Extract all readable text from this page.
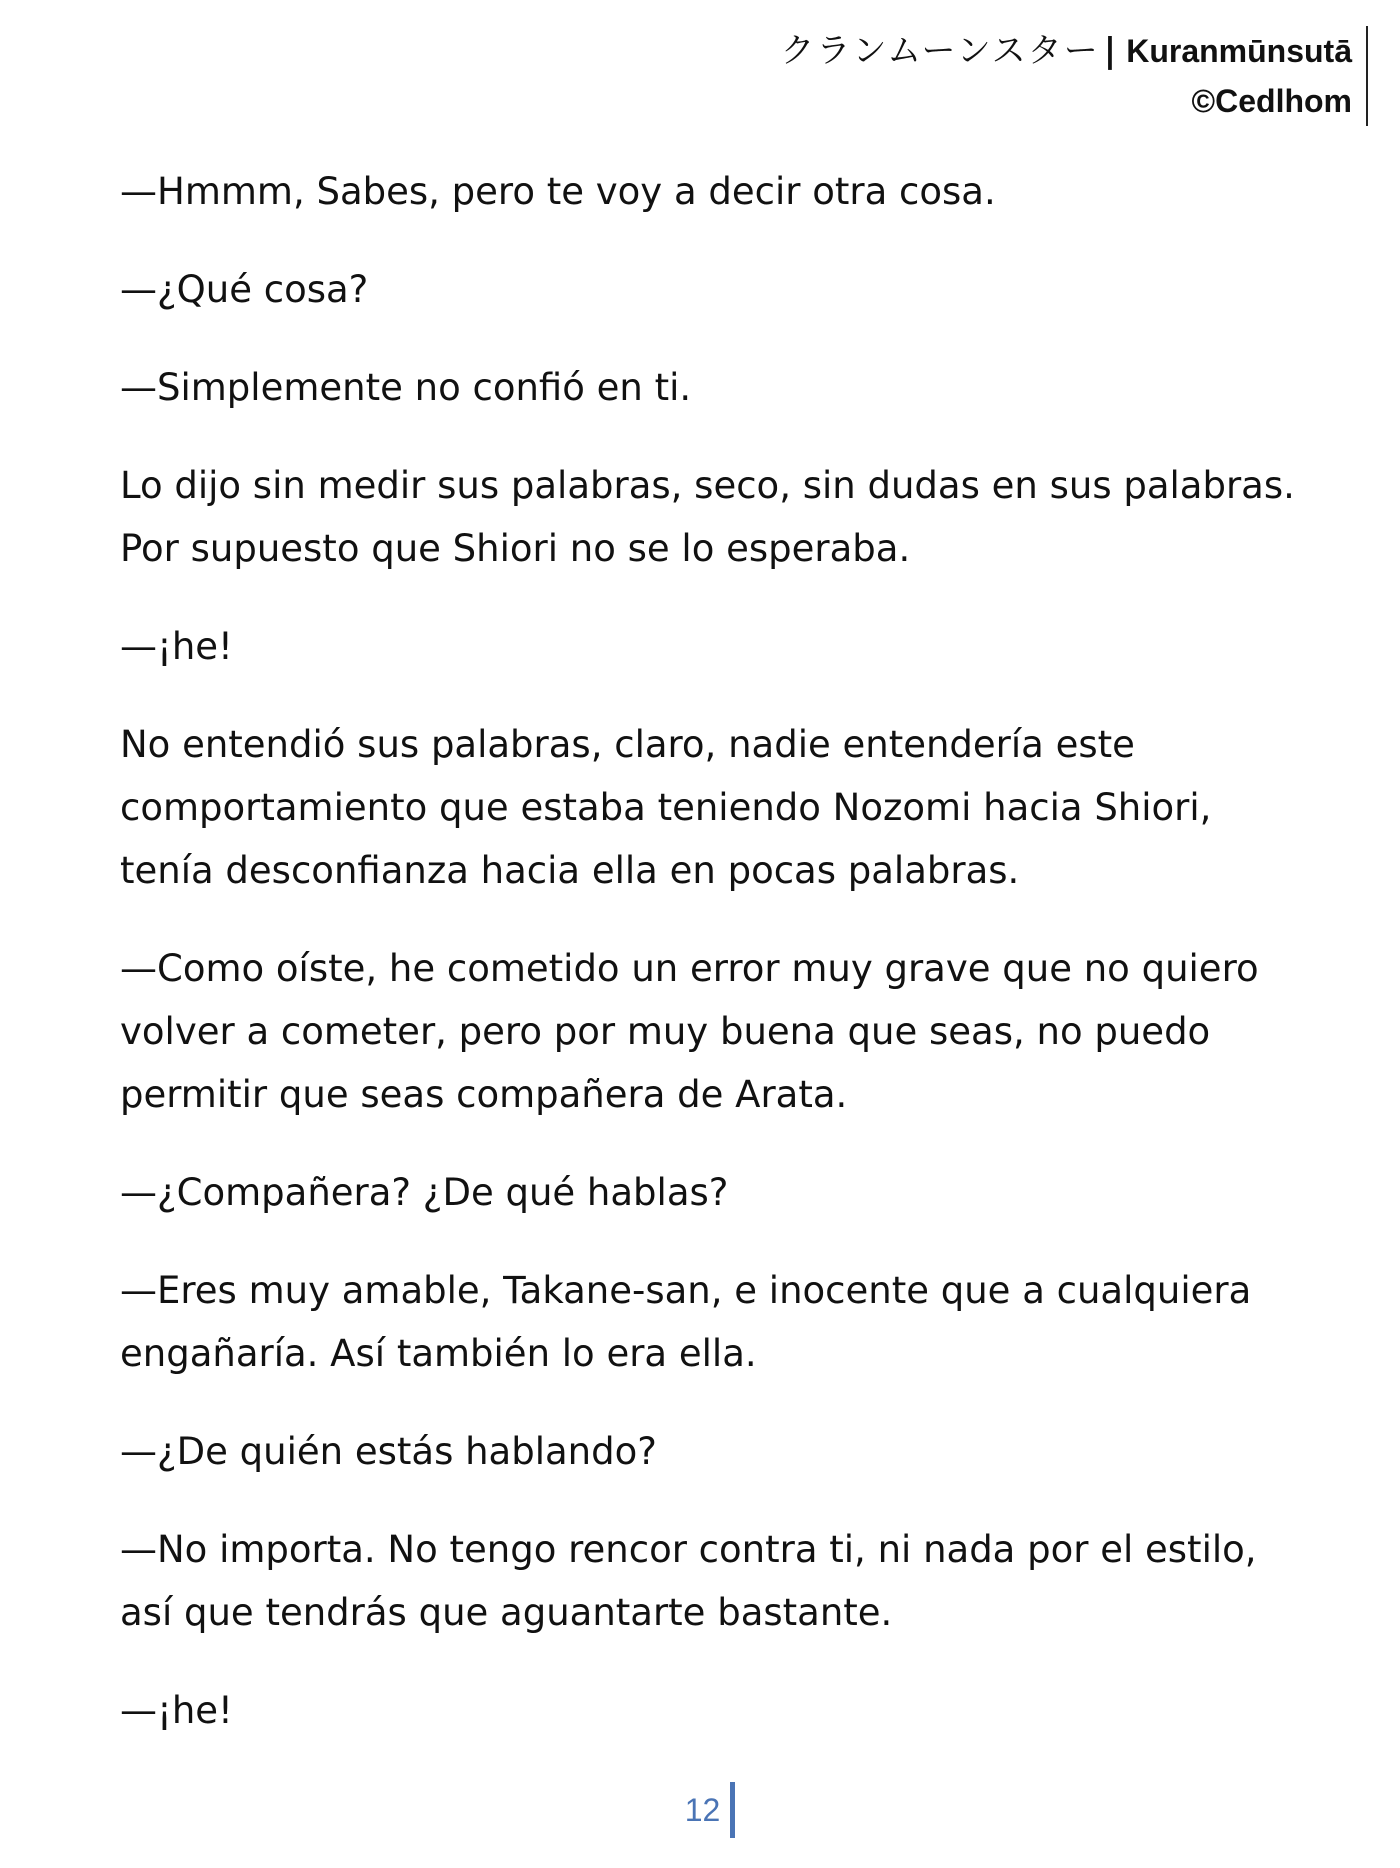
クランムーンスター | Kuranmūnsutā
©Cedlhom
—Hmmm, Sabes, pero te voy a decir otra cosa.
—¿Qué cosa?
—Simplemente no confió en ti.
Lo dijo sin medir sus palabras, seco, sin dudas en sus palabras.
Por supuesto que Shiori no se lo esperaba.
—¡he!
No entendió sus palabras, claro, nadie entendería este
comportamiento que estaba teniendo Nozomi hacia Shiori,
tenía desconfianza hacia ella en pocas palabras.
—Como oíste, he cometido un error muy grave que no quiero
volver a cometer, pero por muy buena que seas, no puedo
permitir que seas compañera de Arata.
—¿Compañera? ¿De qué hablas?
—Eres muy amable, Takane-san, e inocente que a cualquiera
engañaría. Así también lo era ella.
—¿De quién estás hablando?
—No importa. No tengo rencor contra ti, ni nada por el estilo,
así que tendrás que aguantarte bastante.
—¡he!
12
